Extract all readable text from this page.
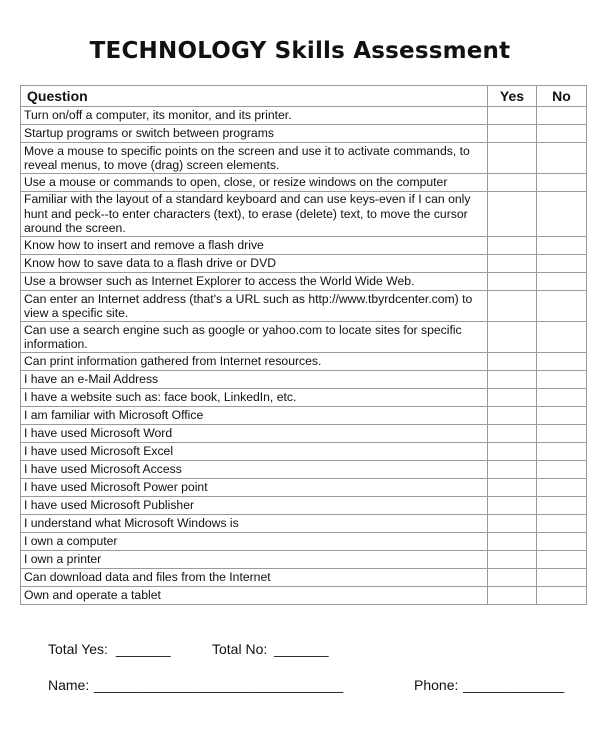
TECHNOLOGY Skills Assessment
Question	Yes	No
Turn on/off a computer, its monitor, and its printer.		
Startup programs or switch between programs		
Move a mouse to specific points on the screen and use it to activate commands, to reveal menus, to move (drag) screen elements.		
Use a mouse or commands to open, close, or resize windows on the computer		
Familiar with the layout of a standard keyboard and can use keys-even if I can only hunt and peck--to enter characters (text), to erase (delete) text, to move the cursor around the screen.		
Know how to insert and remove a flash drive		
Know how to save data to a flash drive or DVD		
Use a browser such as Internet Explorer to access the World Wide Web.		
Can enter an Internet address (that's a URL such as http://www.tbyrdcenter.com) to view a specific site.		
Can use a search engine such as google or yahoo.com to locate sites for specific information.		
Can print information gathered from Internet resources.		
I have an e-Mail Address		
I have a website such as: face book, LinkedIn, etc.		
I am familiar with Microsoft Office		
I have used Microsoft Word		
I have used Microsoft Excel		
I have used Microsoft Access		
I have used Microsoft Power point		
I have used Microsoft Publisher		
I understand what Microsoft Windows is		
I own a computer		
I own a printer		
Can download data and files from the Internet		
Own and operate a tablet		
Total Yes: _______	Total No: _______
Name: ________________________________	Phone: _____________
